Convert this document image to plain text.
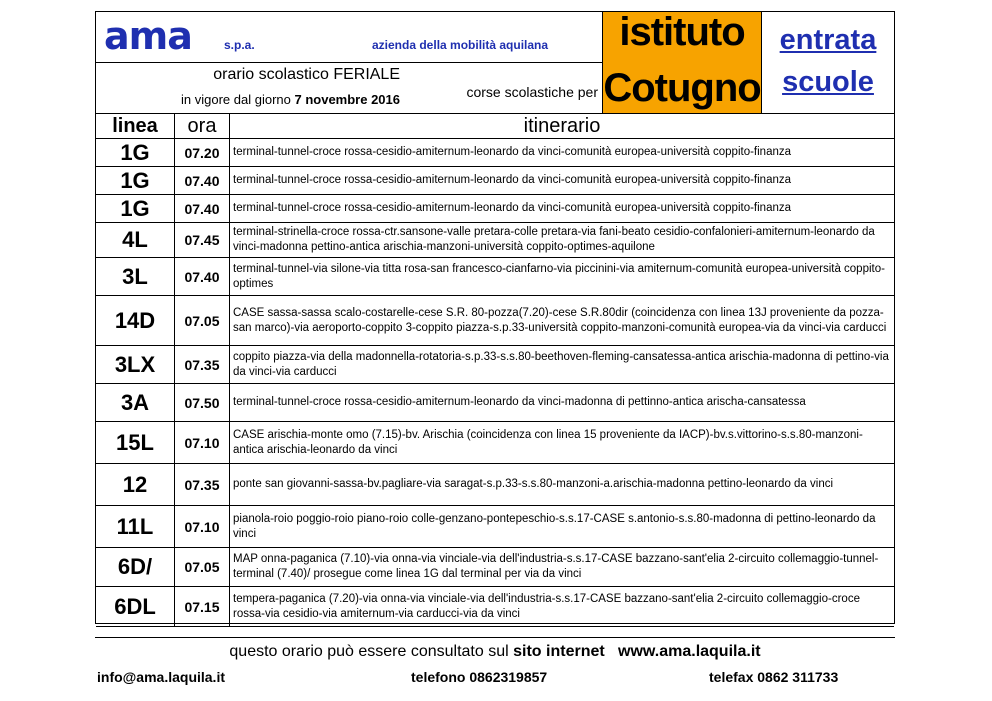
ama	s.p.a.	azienda della mobilità aquilana
orario scolastico FERIALE
in vigore dal giorno 7 novembre 2016	corse scolastiche per
istituto
Cotugno
entrata
scuole
linea	ora	itinerario
1G	07.20	terminal-tunnel-croce rossa-cesidio-amiternum-leonardo da vinci-comunità europea-università coppito-finanza
1G	07.40	terminal-tunnel-croce rossa-cesidio-amiternum-leonardo da vinci-comunità europea-università coppito-finanza
1G	07.40	terminal-tunnel-croce rossa-cesidio-amiternum-leonardo da vinci-comunità europea-università coppito-finanza
4L	07.45	terminal-strinella-croce rossa-ctr.sansone-valle pretara-colle pretara-via fani-beato cesidio-confalonieri-amiternum-leonardo da vinci-madonna pettino-antica arischia-manzoni-università coppito-optimes-aquilone
3L	07.40	terminal-tunnel-via silone-via titta rosa-san francesco-cianfarno-via piccinini-via amiternum-comunità europea-università coppito-optimes
14D	07.05	CASE sassa-sassa scalo-costarelle-cese S.R. 80-pozza(7.20)-cese S.R.80dir (coincidenza con linea 13J proveniente da pozza-san marco)-via aeroporto-coppito 3-coppito piazza-s.p.33-università coppito-manzoni-comunità europea-via da vinci-via carducci
3LX	07.35	coppito piazza-via della madonnella-rotatoria-s.p.33-s.s.80-beethoven-fleming-cansatessa-antica arischia-madonna di pettino-via da vinci-via carducci
3A	07.50	terminal-tunnel-croce rossa-cesidio-amiternum-leonardo da vinci-madonna di pettinno-antica arischa-cansatessa
15L	07.10	CASE arischia-monte omo (7.15)-bv. Arischia (coincidenza con linea 15 proveniente da IACP)-bv.s.vittorino-s.s.80-manzoni-antica arischia-leonardo da vinci
12	07.35	ponte san giovanni-sassa-bv.pagliare-via saragat-s.p.33-s.s.80-manzoni-a.arischia-madonna pettino-leonardo da vinci
11L	07.10	pianola-roio poggio-roio piano-roio colle-genzano-pontepeschio-s.s.17-CASE s.antonio-s.s.80-madonna di pettino-leonardo da vinci
6D/	07.05	MAP onna-paganica (7.10)-via onna-via vinciale-via dell'industria-s.s.17-CASE bazzano-sant'elia 2-circuito collemaggio-tunnel-terminal (7.40)/ prosegue come linea 1G dal terminal per via da vinci
6DL	07.15	tempera-paganica (7.20)-via onna-via vinciale-via dell'industria-s.s.17-CASE bazzano-sant'elia 2-circuito collemaggio-croce rossa-via cesidio-via amiternum-via carducci-via da vinci
questo orario può essere consultato sul sito internet www.ama.laquila.it
info@ama.laquila.it	telefono 0862319857	telefax 0862 311733
